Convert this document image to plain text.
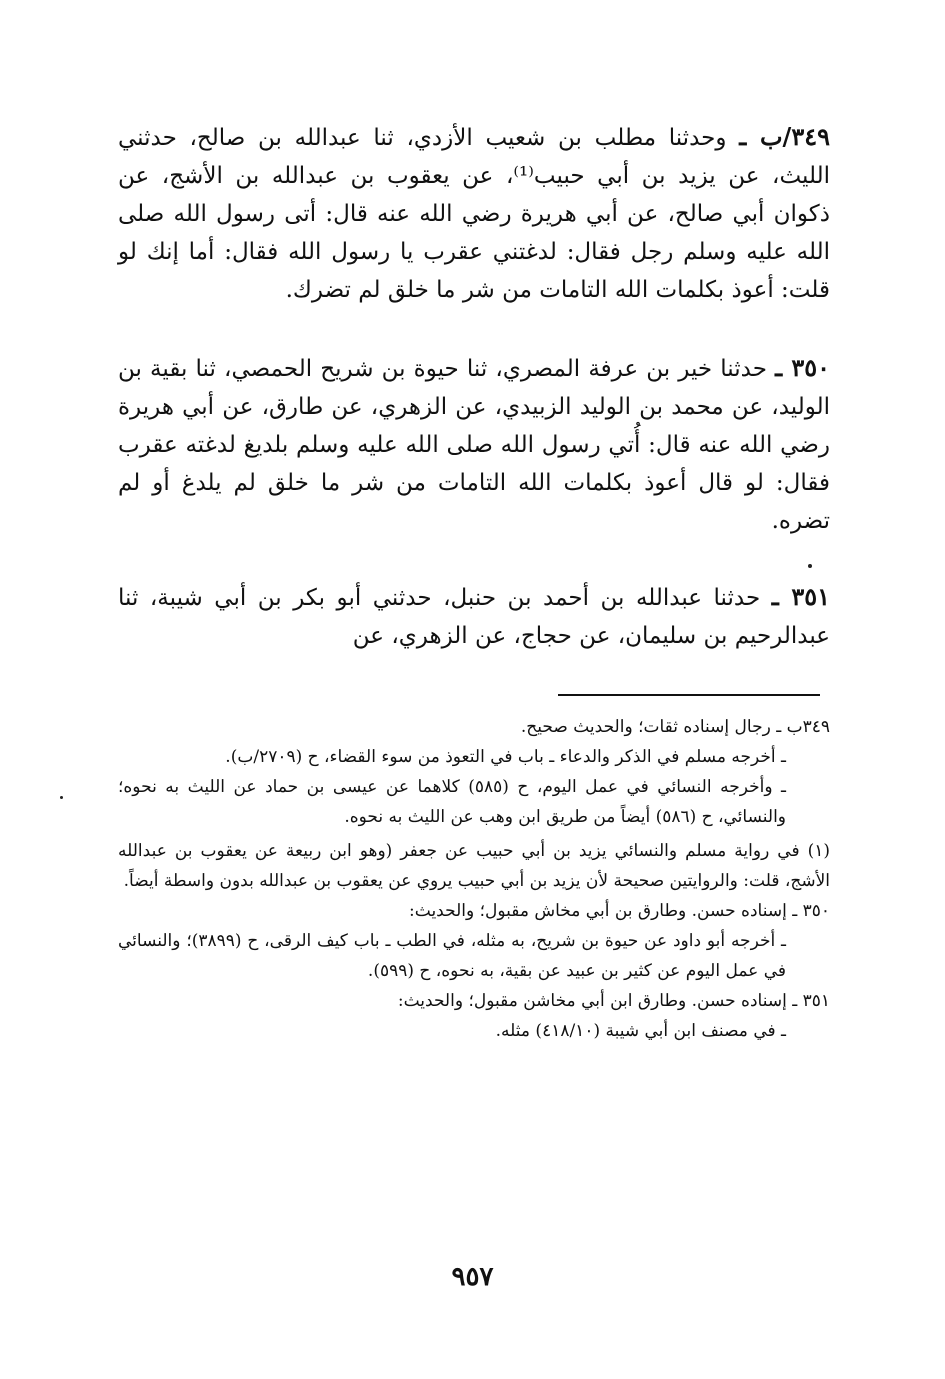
٣٤٩/ب ـ وحدثنا مطلب بن شعيب الأزدي، ثنا عبدالله بن صالح، حدثني الليث، عن يزيد بن أبي حبيب⁽¹⁾، عن يعقوب بن عبدالله بن الأشج، عن ذكوان أبي صالح، عن أبي هريرة رضي الله عنه قال: أتى رسول الله صلى الله عليه وسلم رجل فقال: لدغتني عقرب يا رسول الله فقال: أما إنك لو قلت: أعوذ بكلمات الله التامات من شر ما خلق لم تضرك.

٣٥٠ ـ حدثنا خير بن عرفة المصري، ثنا حيوة بن شريح الحمصي، ثنا بقية بن الوليد، عن محمد بن الوليد الزبيدي، عن الزهري، عن طارق، عن أبي هريرة رضي الله عنه قال: أُتي رسول الله صلى الله عليه وسلم بلديغ لدغته عقرب فقال: لو قال أعوذ بكلمات الله التامات من شر ما خلق لم يلدغ أو لم تضره.

٣٥١ ـ حدثنا عبدالله بن أحمد بن حنبل، حدثني أبو بكر بن أبي شيبة، ثنا عبدالرحيم بن سليمان، عن حجاج، عن الزهري، عن

٣٤٩ب ـ رجال إسناده ثقات؛ والحديث صحيح.

ـ أخرجه مسلم في الذكر والدعاء ـ باب في التعوذ من سوء القضاء، ح (٢٧٠٩/ب).

ـ وأخرجه النسائي في عمل اليوم، ح (٥٨٥) كلاهما عن عيسى بن حماد عن الليث به نحوه؛ والنسائي، ح (٥٨٦) أيضاً من طريق ابن وهب عن الليث به نحوه.

(١) في رواية مسلم والنسائي يزيد بن أبي حبيب عن جعفر (وهو ابن ربيعة عن يعقوب بن عبدالله الأشج، قلت: والروايتين صحيحة لأن يزيد بن أبي حبيب يروي عن يعقوب بن عبدالله بدون واسطة أيضاً.

٣٥٠ ـ إسناده حسن. وطارق بن أبي مخاش مقبول؛ والحديث:

ـ أخرجه أبو داود عن حيوة بن شريح، به مثله، في الطب ـ باب كيف الرقى، ح (٣٨٩٩)؛ والنسائي في عمل اليوم عن كثير بن عبيد عن بقية، به نحوه، ح (٥٩٩).

٣٥١ ـ إسناده حسن. وطارق ابن أبي مخاشن مقبول؛ والحديث:

ـ في مصنف ابن أبي شيبة (٤١٨/١٠) مثله.

٩٥٧
